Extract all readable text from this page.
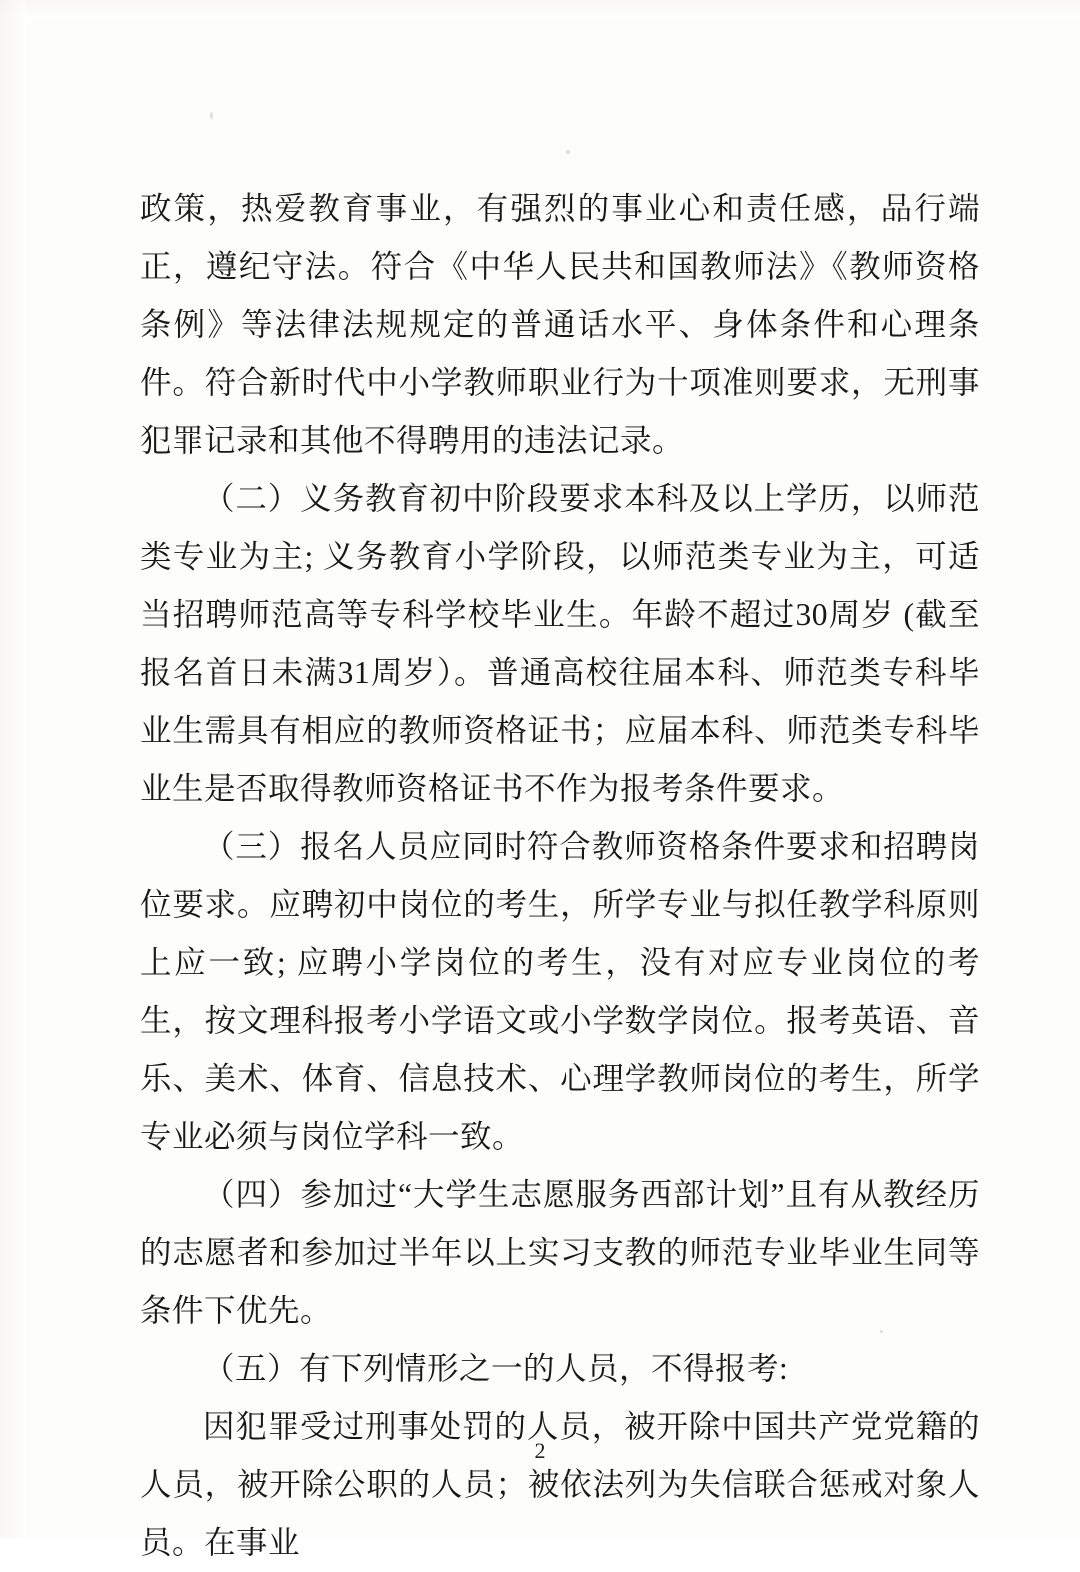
政策，热爱教育事业，有强烈的事业心和责任感，品行端正，遵纪守法。符合《中华人民共和国教师法》《教师资格条例》等法律法规规定的普通话水平、身体条件和心理条件。符合新时代中小学教师职业行为十项准则要求，无刑事犯罪记录和其他不得聘用的违法记录。

（二）义务教育初中阶段要求本科及以上学历，以师范类专业为主; 义务教育小学阶段，以师范类专业为主，可适当招聘师范高等专科学校毕业生。年龄不超过30周岁 (截至报名首日未满31周岁）。普通高校往届本科、师范类专科毕业生需具有相应的教师资格证书；应届本科、师范类专科毕业生是否取得教师资格证书不作为报考条件要求。

（三）报名人员应同时符合教师资格条件要求和招聘岗位要求。应聘初中岗位的考生，所学专业与拟任教学科原则上应一致; 应聘小学岗位的考生，没有对应专业岗位的考生，按文理科报考小学语文或小学数学岗位。报考英语、音乐、美术、体育、信息技术、心理学教师岗位的考生，所学专业必须与岗位学科一致。

（四）参加过“大学生志愿服务西部计划”且有从教经历的志愿者和参加过半年以上实习支教的师范专业毕业生同等条件下优先。

（五）有下列情形之一的人员，不得报考:

因犯罪受过刑事处罚的人员，被开除中国共产党党籍的人员，被开除公职的人员；被依法列为失信联合惩戒对象人员。在事业

2
